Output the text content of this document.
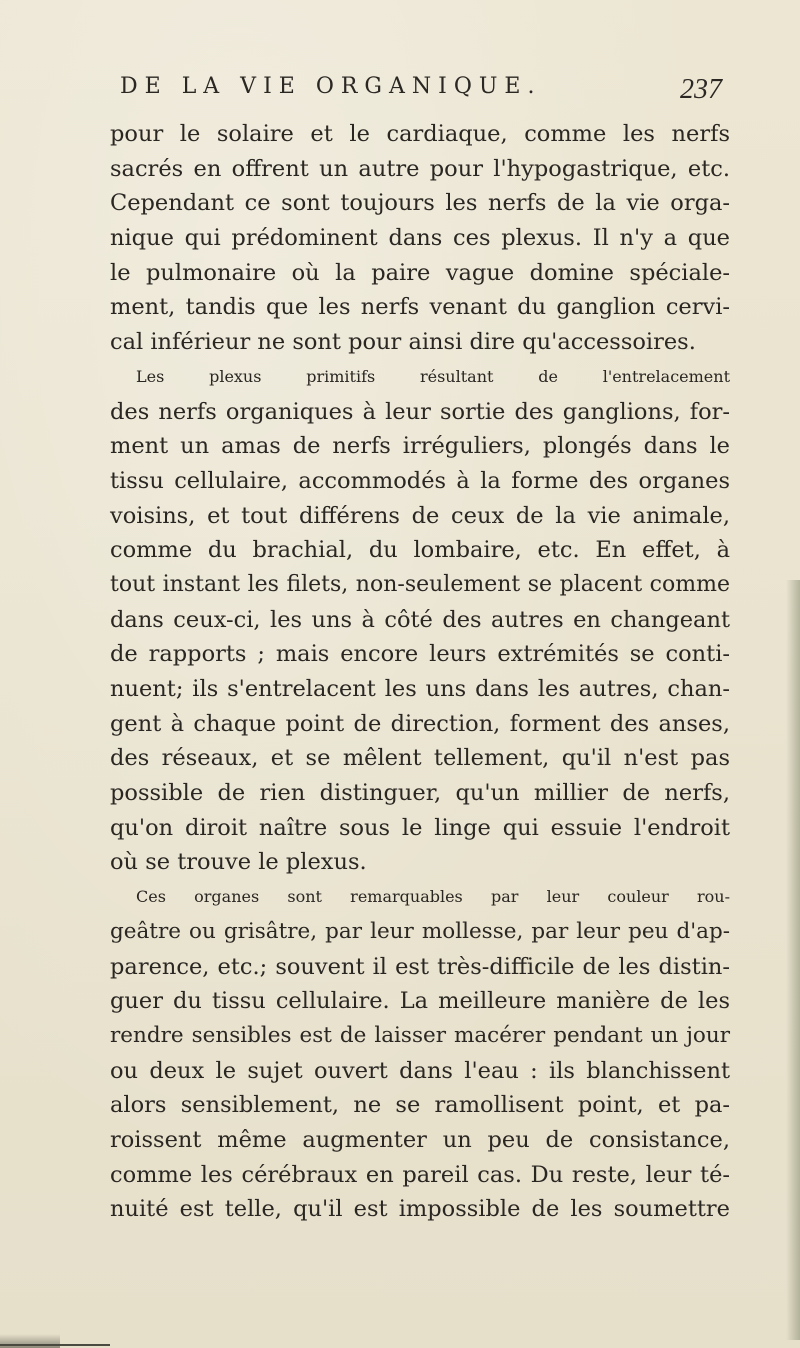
DE LA VIE ORGANIQUE.	237
pour le solaire et le cardiaque, comme les nerfs
sacrés en offrent un autre pour l'hypogastrique, etc.
Cependant ce sont toujours les nerfs de la vie orga-
nique qui prédominent dans ces plexus. Il n'y a que
le pulmonaire où la paire vague domine spéciale-
ment, tandis que les nerfs venant du ganglion cervi-
cal inférieur ne sont pour ainsi dire qu'accessoires.
Les plexus primitifs résultant de l'entrelacement
des nerfs organiques à leur sortie des ganglions, for-
ment un amas de nerfs irréguliers, plongés dans le
tissu cellulaire, accommodés à la forme des organes
voisins, et tout différens de ceux de la vie animale,
comme du brachial, du lombaire, etc. En effet, à
tout instant les filets, non-seulement se placent comme
dans ceux-ci, les uns à côté des autres en changeant
de rapports ; mais encore leurs extrémités se conti-
nuent; ils s'entrelacent les uns dans les autres, chan-
gent à chaque point de direction, forment des anses,
des réseaux, et se mêlent tellement, qu'il n'est pas
possible de rien distinguer, qu'un millier de nerfs,
qu'on diroit naître sous le linge qui essuie l'endroit
où se trouve le plexus.
Ces organes sont remarquables par leur couleur rou-
geâtre ou grisâtre, par leur mollesse, par leur peu d'ap-
parence, etc.; souvent il est très-difficile de les distin-
guer du tissu cellulaire. La meilleure manière de les
rendre sensibles est de laisser macérer pendant un jour
ou deux le sujet ouvert dans l'eau : ils blanchissent
alors sensiblement, ne se ramollisent point, et pa-
roissent même augmenter un peu de consistance,
comme les cérébraux en pareil cas. Du reste, leur té-
nuité est telle, qu'il est impossible de les soumettre
